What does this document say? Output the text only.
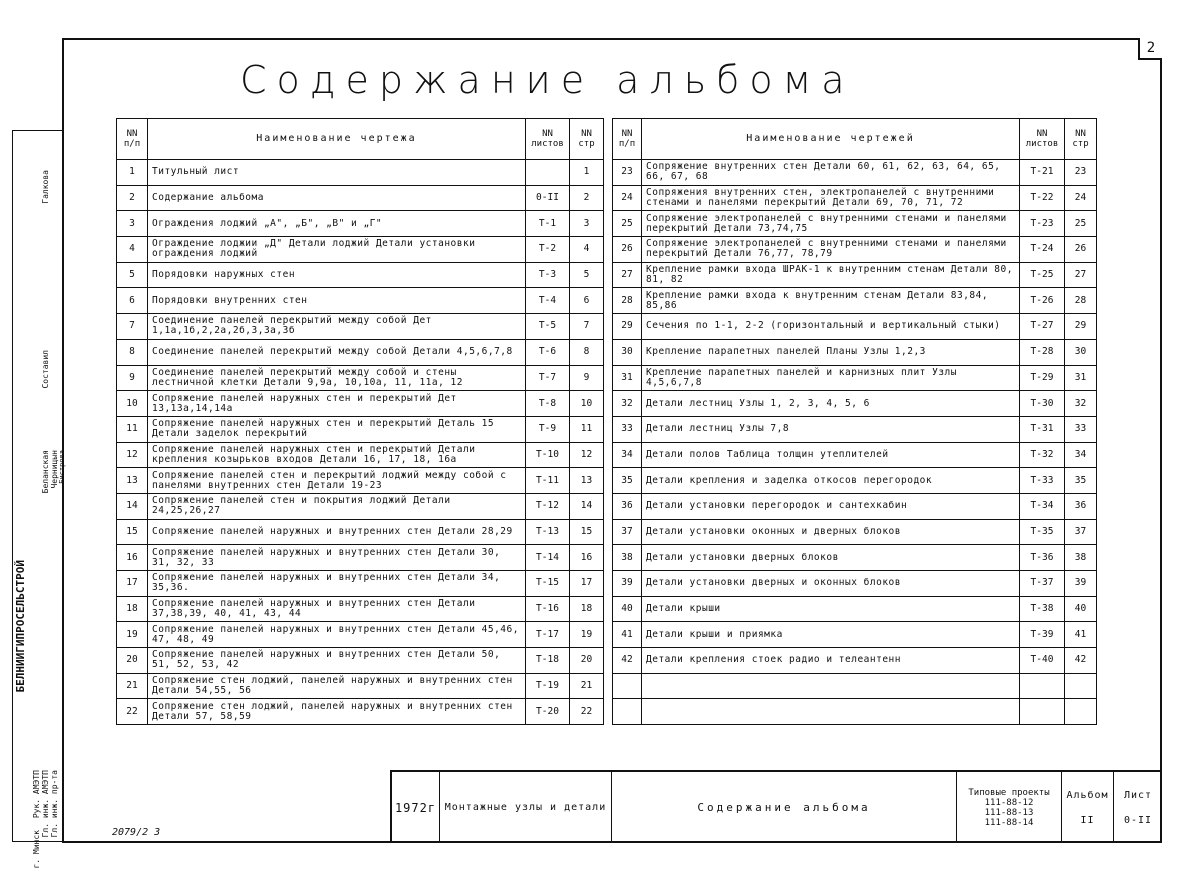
2
Содержание альбома
NN п/п	Наименование чертежа	NN листов	NN стр
1	Титульный лист		1
2	Содержание альбома	0-II	2
3	Ограждения лоджий „А", „Б", „В" и „Г"	Т-1	3
4	Ограждение лоджии „Д" Детали лоджий Детали установки ограждения лоджий	Т-2	4
5	Порядовки наружных стен	Т-3	5
6	Порядовки внутренних стен	Т-4	6
7	Соединение панелей перекрытий между собой Дет 1,1а,1б,2,2а,2б,3,3а,3б	Т-5	7
8	Соединение панелей перекрытий между собой Детали 4,5,6,7,8	Т-6	8
9	Соединение панелей перекрытий между собой и стены лестничной клетки Детали 9,9а, 10,10а, 11, 11а, 12	Т-7	9
10	Сопряжение панелей наружных стен и перекрытий Дет 13,13а,14,14а	Т-8	10
11	Сопряжение панелей наружных стен и перекрытий Деталь 15 Детали заделок перекрытий	Т-9	11
12	Сопряжение панелей наружных стен и перекрытий Детали крепления козырьков входов Детали 16, 17, 18, 16а	Т-10	12
13	Сопряжение панелей стен и перекрытий лоджий между собой с панелями внутренних стен Детали 19-23	Т-11	13
14	Сопряжение панелей стен и покрытия лоджий Детали 24,25,26,27	Т-12	14
15	Сопряжение панелей наружных и внутренних стен Детали 28,29	Т-13	15
16	Сопряжение панелей наружных и внутренних стен Детали 30, 31, 32, 33	Т-14	16
17	Сопряжение панелей наружных и внутренних стен Детали 34, 35,36.	Т-15	17
18	Сопряжение панелей наружных и внутренних стен Детали 37,38,39, 40, 41, 43, 44	Т-16	18
19	Сопряжение панелей наружных и внутренних стен Детали 45,46, 47, 48, 49	Т-17	19
20	Сопряжение панелей наружных и внутренних стен Детали 50, 51, 52, 53, 42	Т-18	20
21	Сопряжение стен лоджий, панелей наружных и внутренних стен Детали 54,55, 56	Т-19	21
22	Сопряжение стен лоджий, панелей наружных и внутренних стен Детали 57, 58,59	Т-20	22
NN п/п	Наименование чертежей	NN листов	NN стр
23	Сопряжение внутренних стен Детали 60, 61, 62, 63, 64, 65, 66, 67, 68	Т-21	23
24	Сопряжения внутренних стен, электропанелей с внутренними стенами и панелями перекрытий Детали 69, 70, 71, 72	Т-22	24
25	Сопряжение электропанелей с внутренними стенами и панелями перекрытий Детали 73,74,75	Т-23	25
26	Сопряжение электропанелей с внутренними стенами и панелями перекрытий Детали 76,77, 78,79	Т-24	26
27	Крепление рамки входа ШРАК-1 к внутренним стенам Детали 80, 81, 82	Т-25	27
28	Крепление рамки входа к внутренним стенам Детали 83,84, 85,86	Т-26	28
29	Сечения по 1-1, 2-2 (горизонтальный и вертикальный стыки)	Т-27	29
30	Крепление парапетных панелей Планы Узлы 1,2,3	Т-28	30
31	Крепление парапетных панелей и карнизных плит Узлы 4,5,6,7,8	Т-29	31
32	Детали лестниц Узлы 1, 2, 3, 4, 5, 6	Т-30	32
33	Детали лестниц Узлы 7,8	Т-31	33
34	Детали полов Таблица толщин утеплителей	Т-32	34
35	Детали крепления и заделка откосов перегородок	Т-33	35
36	Детали установки перегородок и сантехкабин	Т-34	36
37	Детали установки оконных и дверных блоков	Т-35	37
38	Детали установки дверных блоков	Т-36	38
39	Детали установки дверных и оконных блоков	Т-37	39
40	Детали крыши	Т-38	40
41	Детали крыши и приямка	Т-39	41
42	Детали крепления стоек радио и телеантенн	Т-40	42

БЕЛНИИГИПРОСЕЛЬСТРОЙ
г. Минск
Рук. АМЭТП Гл. инж. АМЭТП Гл. инж. пр-та
Галкова
Составил
Беланская Черницын Бистрова
1972г Монтажные узлы и детали	Содержание альбома
Типовые проекты
111-88-12
111-88-13
111-88-14
Альбом
II
Лист
0-II
2079/2 3
